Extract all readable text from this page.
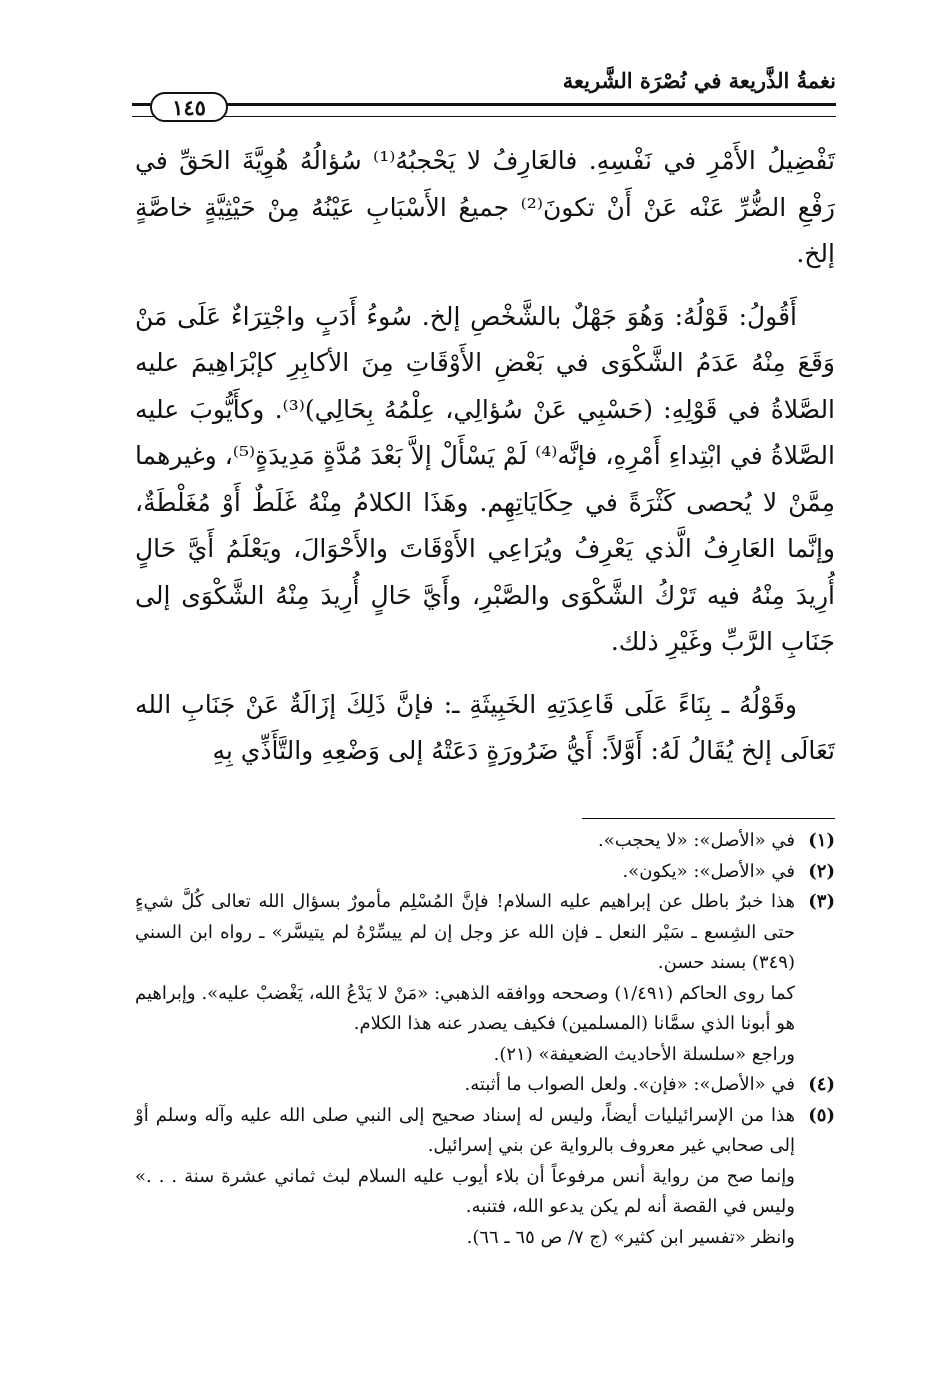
نغمةُ الذَّريعة في نُصْرَة الشَّريعة
١٤٥

تَفْضِيلُ الأَمْرِ في نَفْسِهِ. فالعَارِفُ لا يَحْجبُهُ⁽¹⁾ سُؤالُهُ هُوِيَّةَ الحَقِّ في رَفْعِ الضُّرِّ عَنْه عَنْ أَنْ تكونَ⁽²⁾ جميعُ الأَسْبَابِ عَيْنُهُ مِنْ حَيْثِيَّةٍ خاصَّةٍ إلخ.

أَقُولُ: قَوْلُهُ: وَهُوَ جَهْلٌ بالشَّخْصِ إلخ. سُوءُ أَدَبٍ واجْتِرَاءٌ عَلَى مَنْ وَقَعَ مِنْهُ عَدَمُ الشَّكْوَى في بَعْضِ الأَوْقَاتِ مِنَ الأكابِرِ كإبْرَاهِيمَ عليه الصَّلاةُ في قَوْلِهِ: (حَسْبِي عَنْ سُؤالِي، عِلْمُهُ بِحَالِي)⁽³⁾. وكأَيُّوبَ عليه الصَّلاةُ في ابْتِداءِ أَمْرِهِ، فإنَّه⁽⁴⁾ لَمْ يَسْأَلْ إلاَّ بَعْدَ مُدَّةٍ مَدِيدَةٍ⁽⁵⁾، وغيرهما مِمَّنْ لا يُحصى كَثْرَةً في حِكَايَاتِهِم. وهَذَا الكلامُ مِنْهُ غَلَطٌ أَوْ مُغَلْطَةٌ، وإنَّما العَارِفُ الَّذي يَعْرِفُ ويُرَاعِي الأَوْقَاتَ والأَحْوَالَ، ويَعْلَمُ أَيَّ حَالٍ أُرِيدَ مِنْهُ فيه تَرْكُ الشَّكْوَى والصَّبْرِ، وأَيَّ حَالٍ أُرِيدَ مِنْهُ الشَّكْوَى إلى جَنَابِ الرَّبِّ وغَيْرِ ذلك.

وقَوْلُهُ ـ بِنَاءً عَلَى قَاعِدَتِهِ الخَبِيثَةِ ـ: فإنَّ ذَلِكَ إزَالَةٌ عَنْ جَنَابِ الله تَعَالَى إلخ يُقَالُ لَهُ: أَوَّلاً: أَيُّ ضَرُورَةٍ دَعَتْهُ إلى وَضْعِهِ والتَّأَذِّي بِهِ

(١)
في «الأصل»: «لا يحجب».
(٢)
في «الأصل»: «يكون».
(٣)
هذا خبرٌ باطل عن إبراهيم عليه السلام! فإنَّ المُسْلِم مأمورٌ بسؤال الله تعالى كُلَّ شيءٍ حتى الشِسع ـ سَيْر النعل ـ فإن الله عز وجل إن لم ييسِّرْهُ لم يتيسَّر» ـ رواه ابن السني (٣٤٩) بسند حسن.
كما روى الحاكم (١/٤٩١) وصححه ووافقه الذهبي: «مَنْ لا يَدْعُ الله، يَغْضبْ عليه». وإبراهيم هو أبونا الذي سمَّانا (المسلمين) فكيف يصدر عنه هذا الكلام.
وراجع «سلسلة الأحاديث الضعيفة» (٢١).
(٤)
في «الأصل»: «فإن». ولعل الصواب ما أثبته.
(٥)
هذا من الإسرائيليات أيضاً، وليس له إسناد صحيح إلى النبي صلى الله عليه وآله وسلم أوْ إلى صحابي غير معروف بالرواية عن بني إسرائيل.
وإنما صح من رواية أنس مرفوعاً أن بلاء أيوب عليه السلام لبث ثماني عشرة سنة . . .» وليس في القصة أنه لم يكن يدعو الله، فتنبه.
وانظر «تفسير ابن كثير» (ج ٧/ ص ٦٥ ـ ٦٦).
